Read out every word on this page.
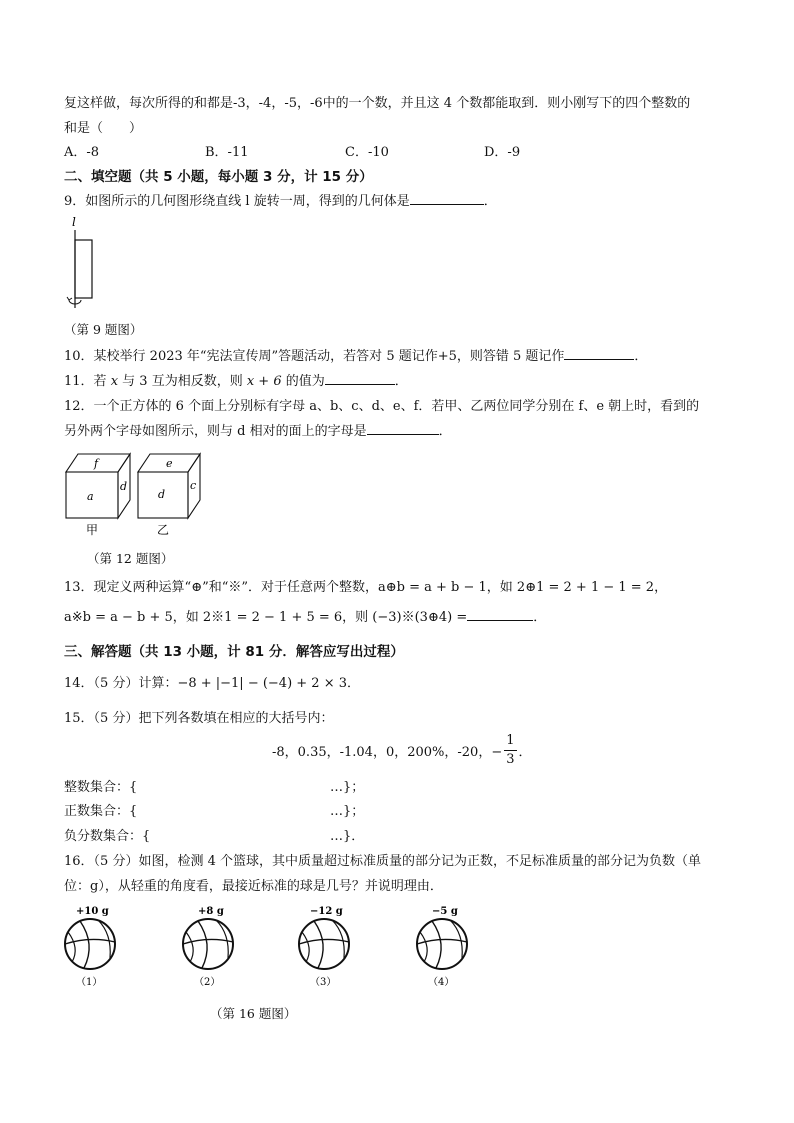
复这样做，每次所得的和都是-3，-4，-5，-6中的一个数，并且这 4 个数都能取到．则小刚写下的四个整数的
和是（　　）
A．-8	B．-11	C．-10	D．-9
二、填空题（共 5 小题，每小题 3 分，计 15 分）
9．如图所示的几何图形绕直线 l 旋转一周，得到的几何体是	．
l
（第 9 题图）
10．某校举行 2023 年“宪法宣传周”答题活动，若答对 5 题记作+5，则答错 5 题记作	．
11．若 x 与 3 互为相反数，则 x + 6 的值为	．
12．一个正方体的 6 个面上分别标有字母 a、b、c、d、e、f．若甲、乙两位同学分别在 f、e 朝上时，看到的
另外两个字母如图所示，则与 d 相对的面上的字母是	．
f
a
d
甲
e
d
c
乙
（第 12 题图）
13．现定义两种运算“⊕”和“※”．对于任意两个整数，a⊕b = a + b − 1，如 2⊕1 = 2 + 1 − 1 = 2，
a※b = a − b + 5，如 2※1 = 2 − 1 + 5 = 6，则 (−3)※(3⊕4) =	．
三、解答题（共 13 小题，计 81 分．解答应写出过程）
14．（5 分）计算：−8 + |−1| − (−4) + 2 × 3．
15．（5 分）把下列各数填在相应的大括号内：
-8，0.35，-1.04，0，200%，-20，− $\frac{1}{3}$ ．
整数集合：{	…}；
正数集合：{	…}；
负分数集合：{	…}．
16．（5 分）如图，检测 4 个篮球，其中质量超过标准质量的部分记为正数，不足标准质量的部分记为负数（单
位：g），从轻重的角度看，最接近标准的球是几号？并说明理由．
+10 g
（1）
+8 g
（2）
−12 g
（3）
−5 g
（4）
（第 16 题图）
